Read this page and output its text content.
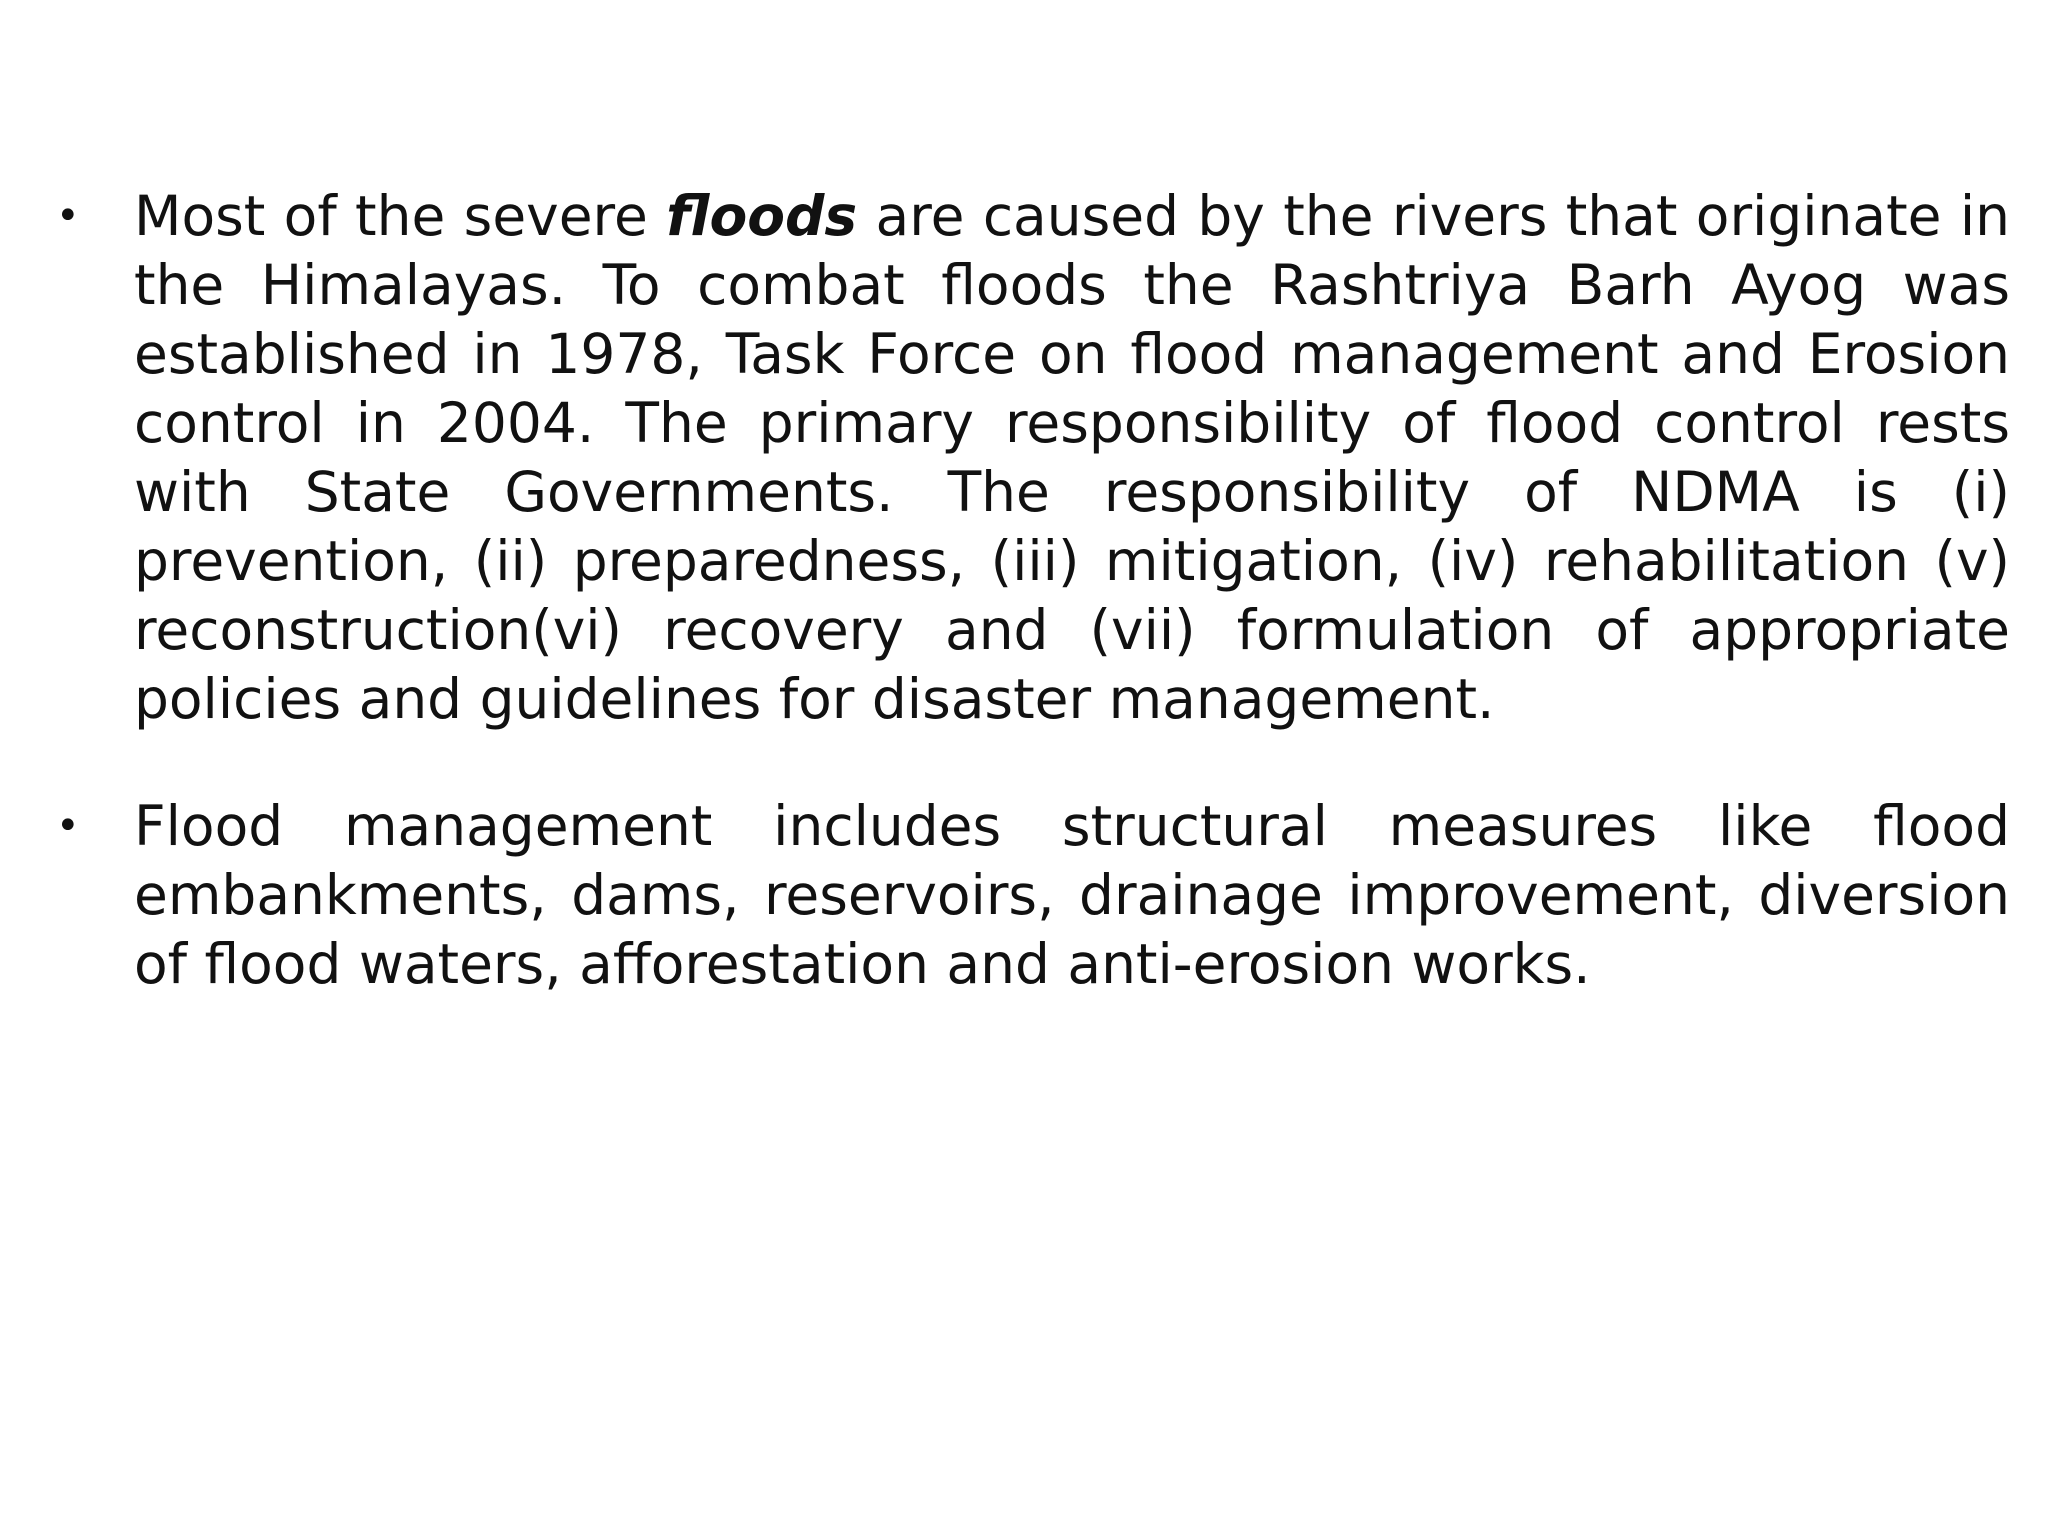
• Most of the severe floods are caused by the rivers that originate in the Himalayas. To combat floods the Rashtriya Barh Ayog was established in 1978, Task Force on flood management and Erosion control in 2004. The primary responsibility of flood control rests with State Governments. The responsibility of NDMA is (i) prevention, (ii) preparedness, (iii) mitigation, (iv) rehabilitation (v) reconstruction(vi) recovery and (vii) formulation of appropriate policies and guidelines for disaster management.
• Flood management includes structural measures like flood embankments, dams, reservoirs, drainage improvement, diversion of flood waters, afforestation and anti-erosion works.
